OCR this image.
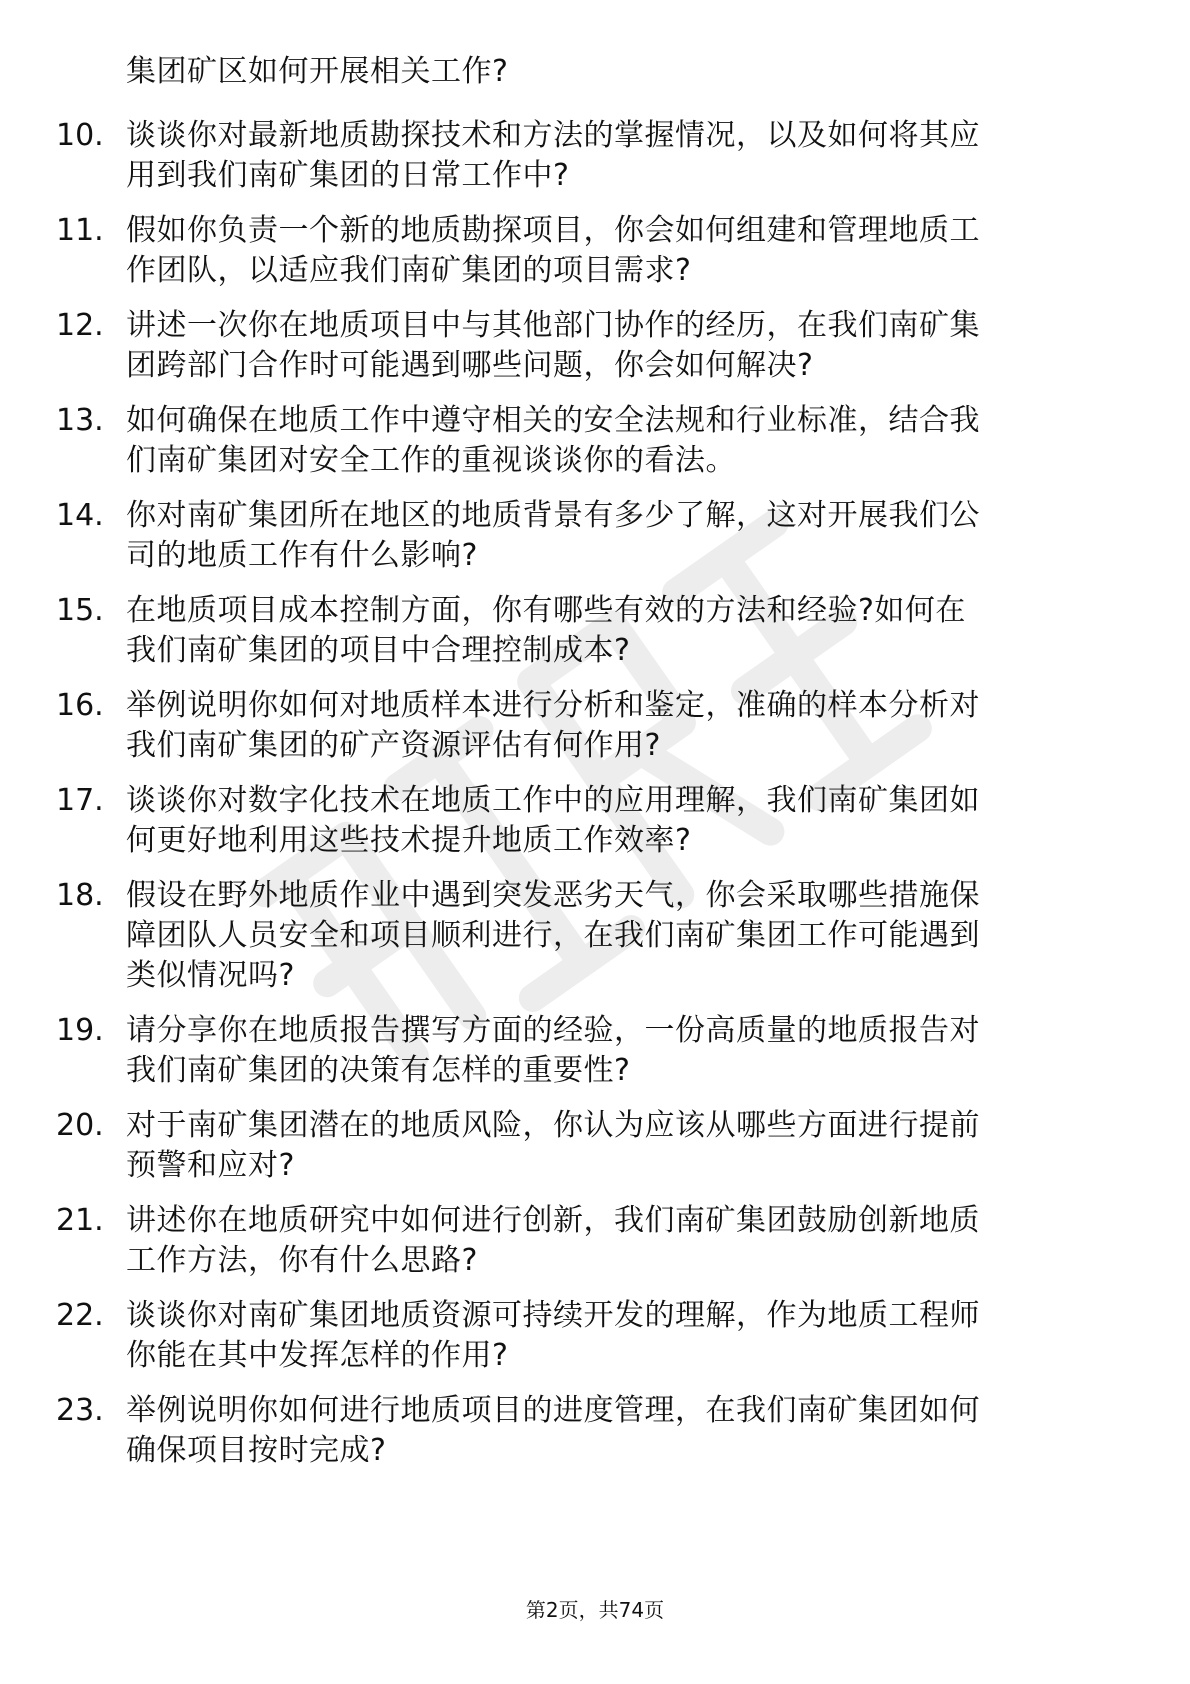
集团矿区如何开展相关工作?
10. 谈谈你对最新地质勘探技术和方法的掌握情况，以及如何将其应
用到我们南矿集团的日常工作中?
11. 假如你负责一个新的地质勘探项目，你会如何组建和管理地质工
作团队，以适应我们南矿集团的项目需求?
12. 讲述一次你在地质项目中与其他部门协作的经历，在我们南矿集
团跨部门合作时可能遇到哪些问题，你会如何解决?
13. 如何确保在地质工作中遵守相关的安全法规和行业标准，结合我
们南矿集团对安全工作的重视谈谈你的看法。
14. 你对南矿集团所在地区的地质背景有多少了解，这对开展我们公
司的地质工作有什么影响?
15. 在地质项目成本控制方面，你有哪些有效的方法和经验?如何在
我们南矿集团的项目中合理控制成本?
16. 举例说明你如何对地质样本进行分析和鉴定，准确的样本分析对
我们南矿集团的矿产资源评估有何作用?
17. 谈谈你对数字化技术在地质工作中的应用理解，我们南矿集团如
何更好地利用这些技术提升地质工作效率?
18. 假设在野外地质作业中遇到突发恶劣天气，你会采取哪些措施保
障团队人员安全和项目顺利进行，在我们南矿集团工作可能遇到
类似情况吗?
19. 请分享你在地质报告撰写方面的经验，一份高质量的地质报告对
我们南矿集团的决策有怎样的重要性?
20. 对于南矿集团潜在的地质风险，你认为应该从哪些方面进行提前
预警和应对?
21. 讲述你在地质研究中如何进行创新，我们南矿集团鼓励创新地质
工作方法，你有什么思路?
22. 谈谈你对南矿集团地质资源可持续开发的理解，作为地质工程师
你能在其中发挥怎样的作用?
23. 举例说明你如何进行地质项目的进度管理，在我们南矿集团如何
确保项目按时完成?
第2页，共74页
